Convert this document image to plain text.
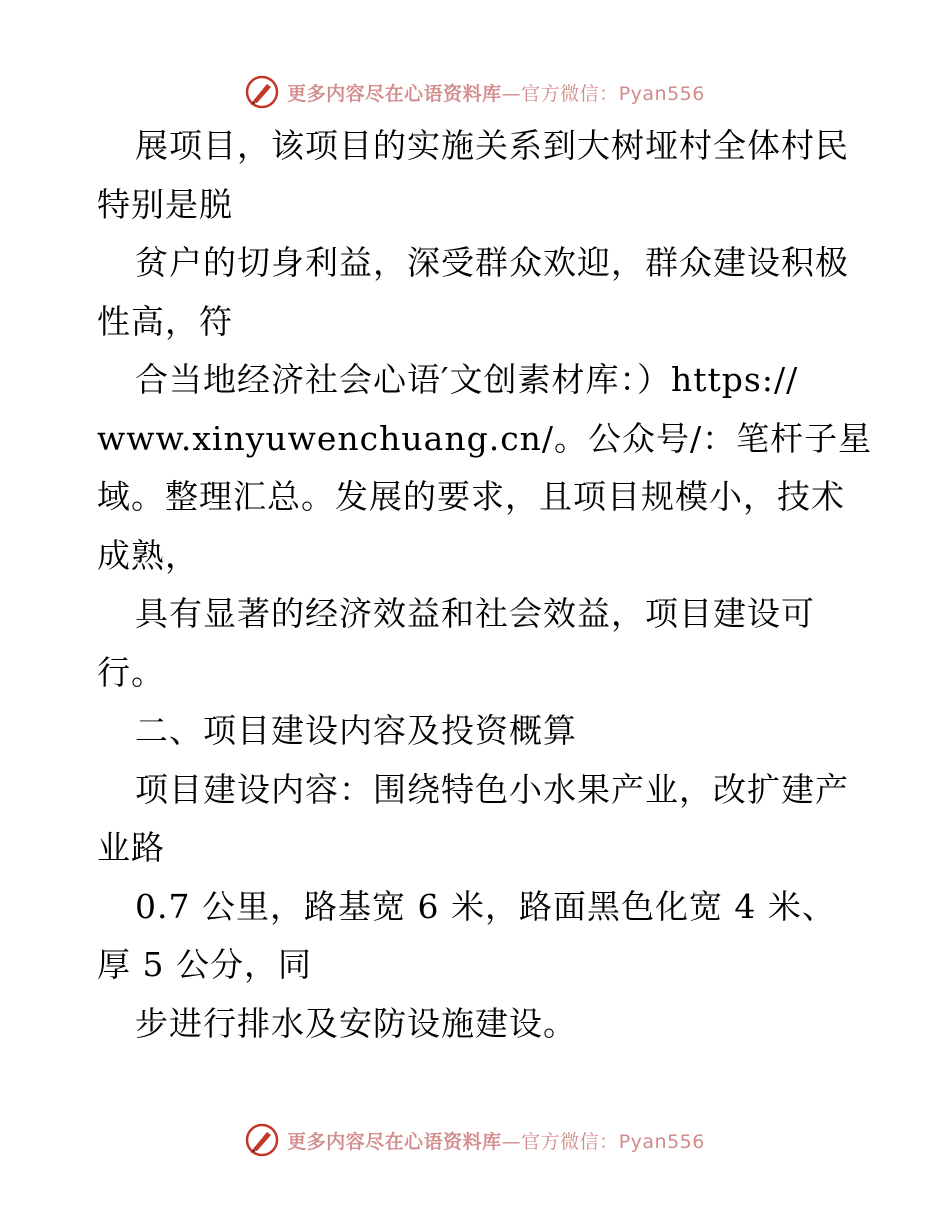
更多内容尽在心语资料库—官方微信：Pyan556
展项目，该项目的实施关系到大树垭村全体村民
特别是脱
贫户的切身利益，深受群众欢迎，群众建设积极
性高，符
合当地经济社会心语′文创素材库：）https://
www.xinyuwenchuang.cn/。公众号/：笔杆子星
域。整理汇总。发展的要求，且项目规模小，技术
成熟，
具有显著的经济效益和社会效益，项目建设可
行。
二、项目建设内容及投资概算
项目建设内容：围绕特色小水果产业，改扩建产
业路
0.7 公里，路基宽 6 米，路面黑色化宽 4 米、
厚 5 公分，同
步进行排水及安防设施建设。
更多内容尽在心语资料库—官方微信：Pyan556
